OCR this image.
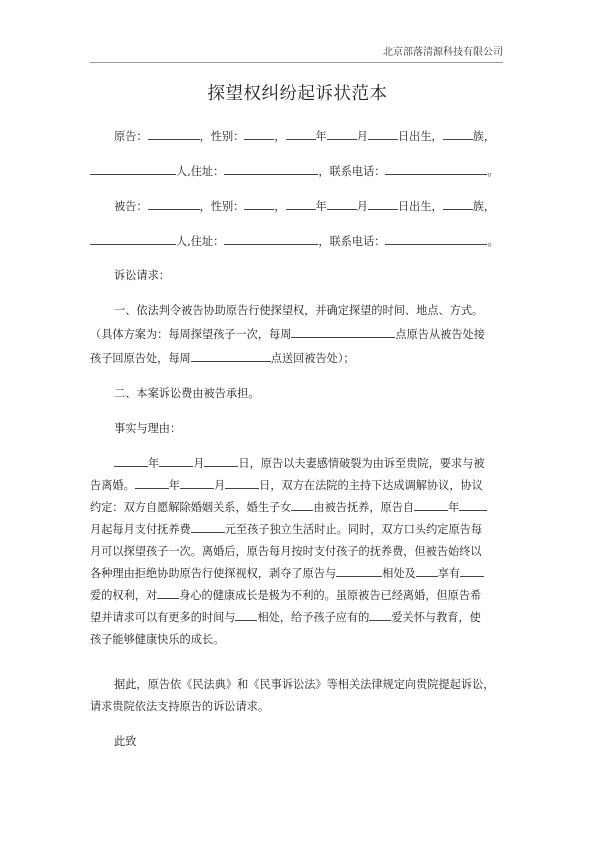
北京部落清源科技有限公司
探望权纠纷起诉状范本
原告：	，性别：	，	年	月	日出生，	族，
人,住址：	，联系电话：	。
被告：	，性别：	，	年	月	日出生，	族，
人,住址：	，联系电话：	。
诉讼请求：
一、依法判令被告协助原告行使探望权，并确定探望的时间、地点、方式。
（具体方案为：每周探望孩子一次，每周	点原告从被告处接
孩子回原告处，每周	点送回被告处）；
二、本案诉讼费由被告承担。
事实与理由：
年	月	日，原告以夫妻感情破裂为由诉至贵院，要求与被
告离婚。	年	月	日，双方在法院的主持下达成调解协议，协议
约定：双方自愿解除婚姻关系，婚生子女 由被告抚养，原告自	年
月起每月支付抚养费	元至孩子独立生活时止。同时，双方口头约定原告每
月可以探望孩子一次。离婚后，原告每月按时支付孩子的抚养费，但被告始终以
各种理由拒绝协助原告行使探视权，剥夺了原告与	相处及 享有
爱的权利，对 身心的健康成长是极为不利的。虽原被告已经离婚，但原告希
望并请求可以有更多的时间与 相处，给予孩子应有的 爱关怀与教育，使
孩子能够健康快乐的成长。
据此，原告依《民法典》和《民事诉讼法》等相关法律规定向贵院提起诉讼，
请求贵院依法支持原告的诉讼请求。
此致
